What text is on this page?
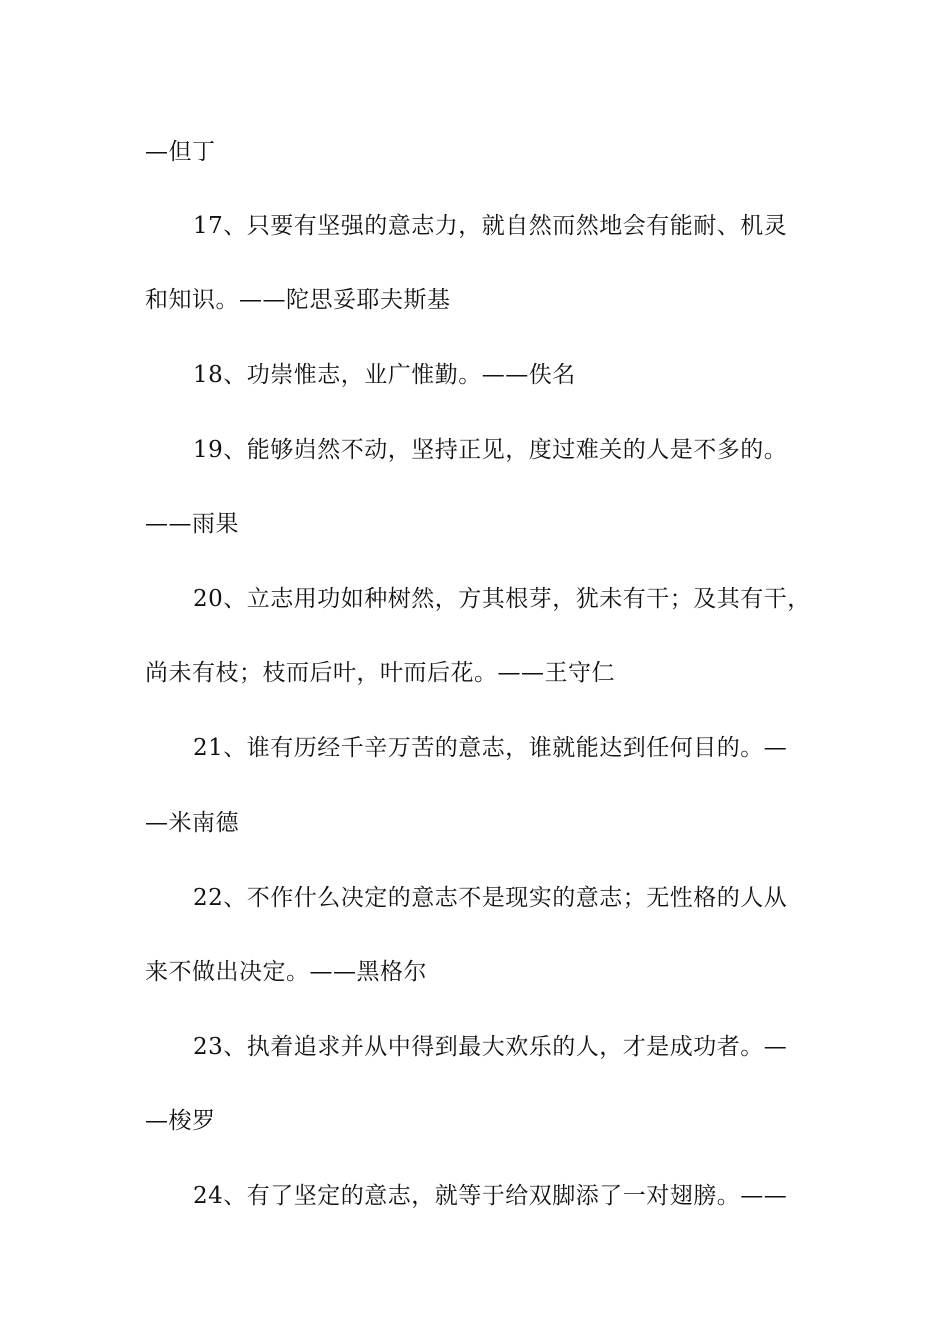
—但丁
17、只要有坚强的意志力，就自然而然地会有能耐、机灵
和知识。——陀思妥耶夫斯基
18、功崇惟志，业广惟勤。——佚名
19、能够岿然不动，坚持正见，度过难关的人是不多的。
——雨果
20、立志用功如种树然，方其根芽，犹未有干；及其有干，
尚未有枝；枝而后叶，叶而后花。——王守仁
21、谁有历经千辛万苦的意志，谁就能达到任何目的。—
—米南德
22、不作什么决定的意志不是现实的意志；无性格的人从
来不做出决定。——黑格尔
23、执着追求并从中得到最大欢乐的人，才是成功者。—
—梭罗
24、有了坚定的意志，就等于给双脚添了一对翅膀。——
